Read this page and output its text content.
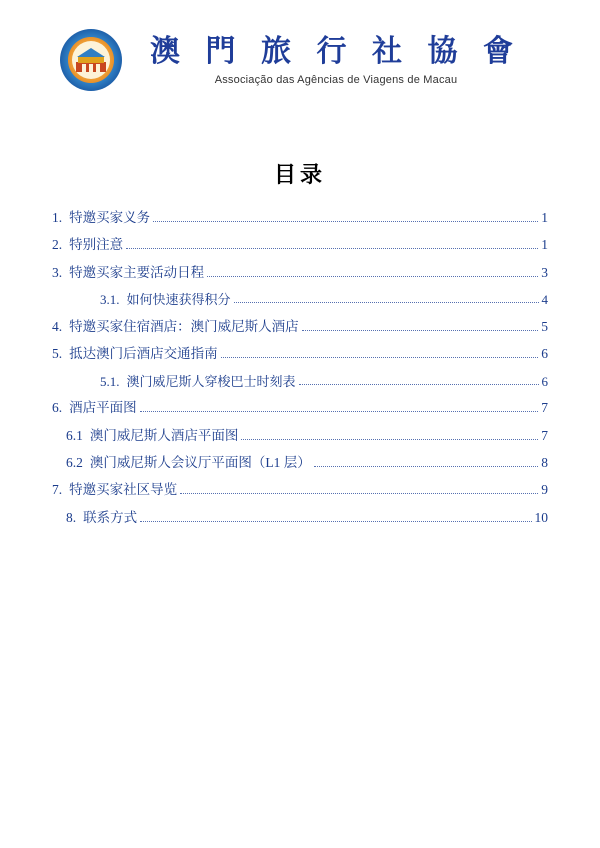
澳 門 旅 行 社 協 會
Associação das Agências de Viagens de Macau
目录
1. 特邀买家义务	1
2. 特别注意	1
3. 特邀买家主要活动日程	3
3.1. 如何快速获得积分	4
4. 特邀买家住宿酒店：澳门威尼斯人酒店	5
5. 抵达澳门后酒店交通指南	6
5.1. 澳门威尼斯人穿梭巴士时刻表	6
6. 酒店平面图	7
6.1 澳门威尼斯人酒店平面图	7
6.2 澳门威尼斯人会议厅平面图（L1 层）	8
7. 特邀买家社区导览	9
8. 联系方式	10
